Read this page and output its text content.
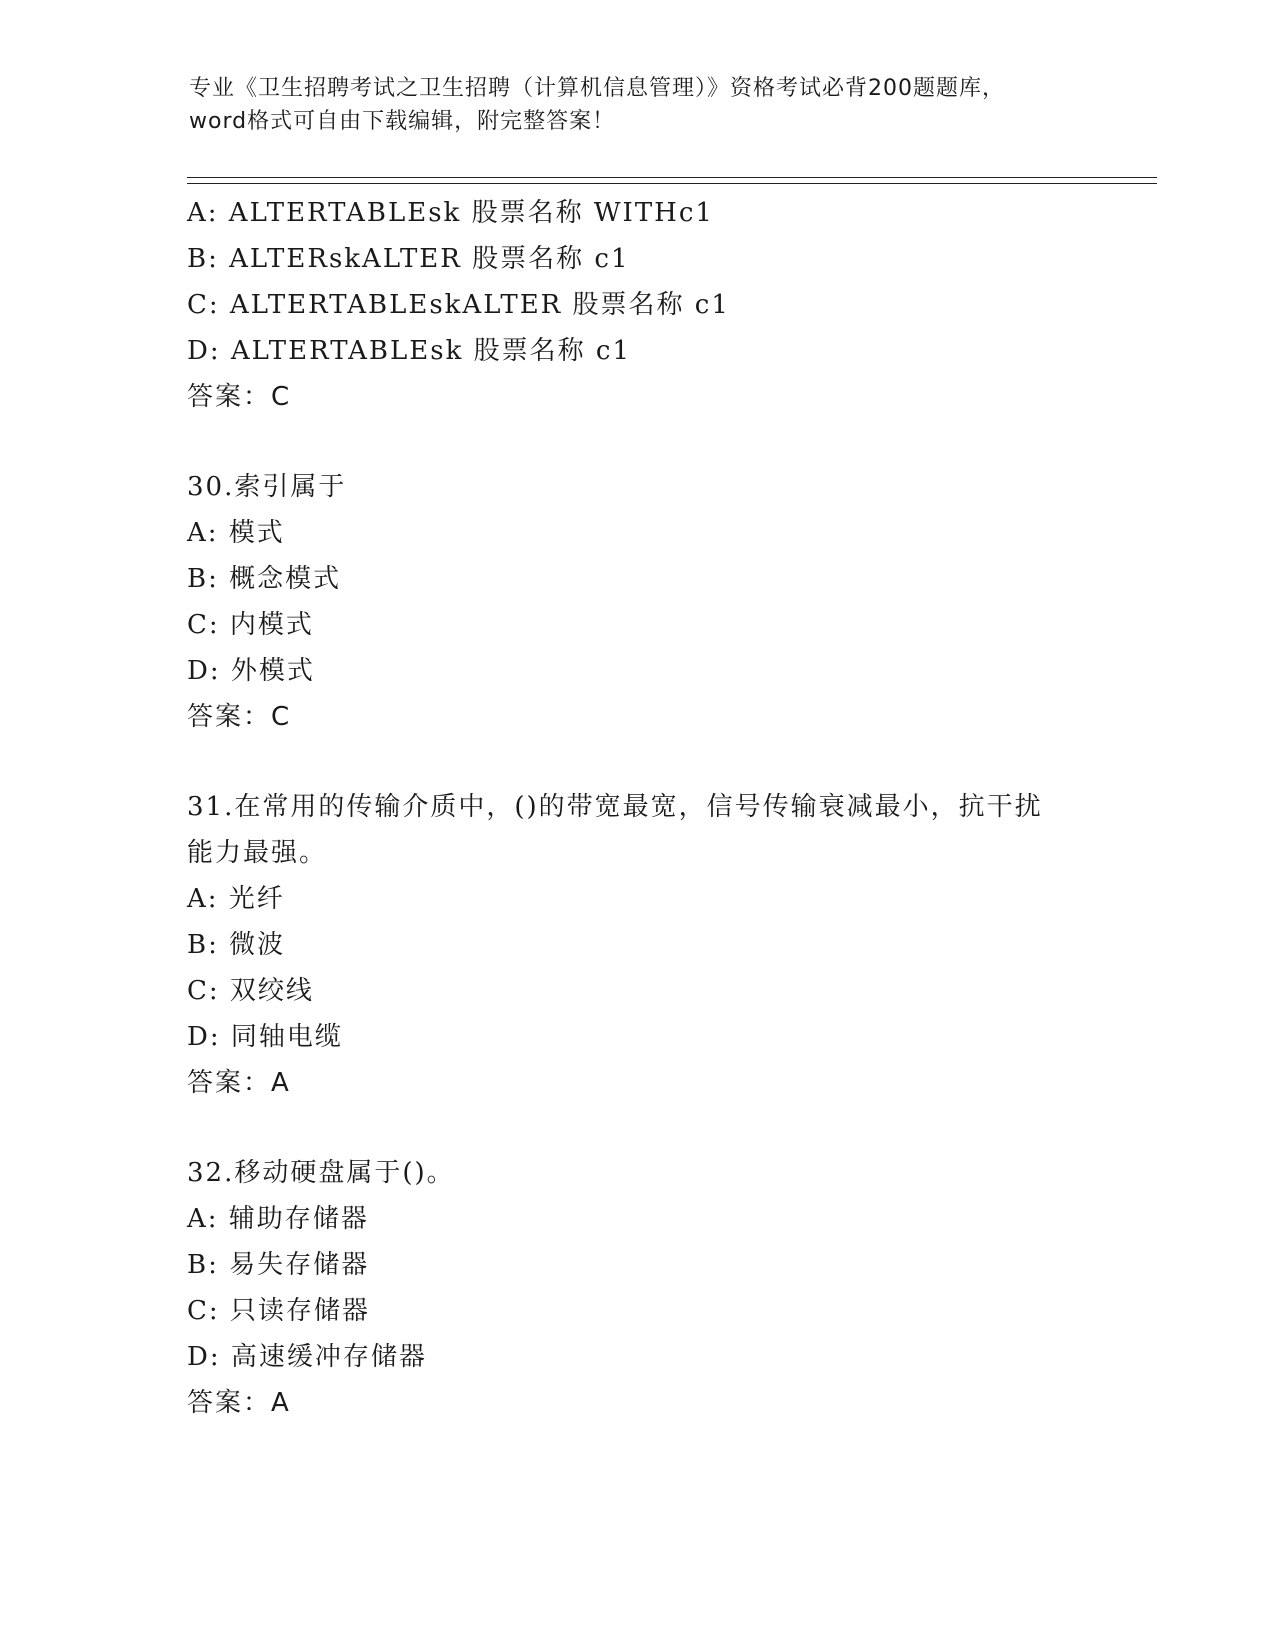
专业《卫生招聘考试之卫生招聘（计算机信息管理）》资格考试必背200题题库，
word格式可自由下载编辑，附完整答案！
A: ALTERTABLEsk 股票名称 WITHc1
B: ALTERskALTER 股票名称 c1
C: ALTERTABLEskALTER 股票名称 c1
D: ALTERTABLEsk 股票名称 c1
答案：C
30.索引属于
A: 模式
B: 概念模式
C: 内模式
D: 外模式
答案：C
31.在常用的传输介质中，()的带宽最宽，信号传输衰减最小，抗干扰
能力最强。
A: 光纤
B: 微波
C: 双绞线
D: 同轴电缆
答案：A
32.移动硬盘属于()。
A: 辅助存储器
B: 易失存储器
C: 只读存储器
D: 高速缓冲存储器
答案：A
